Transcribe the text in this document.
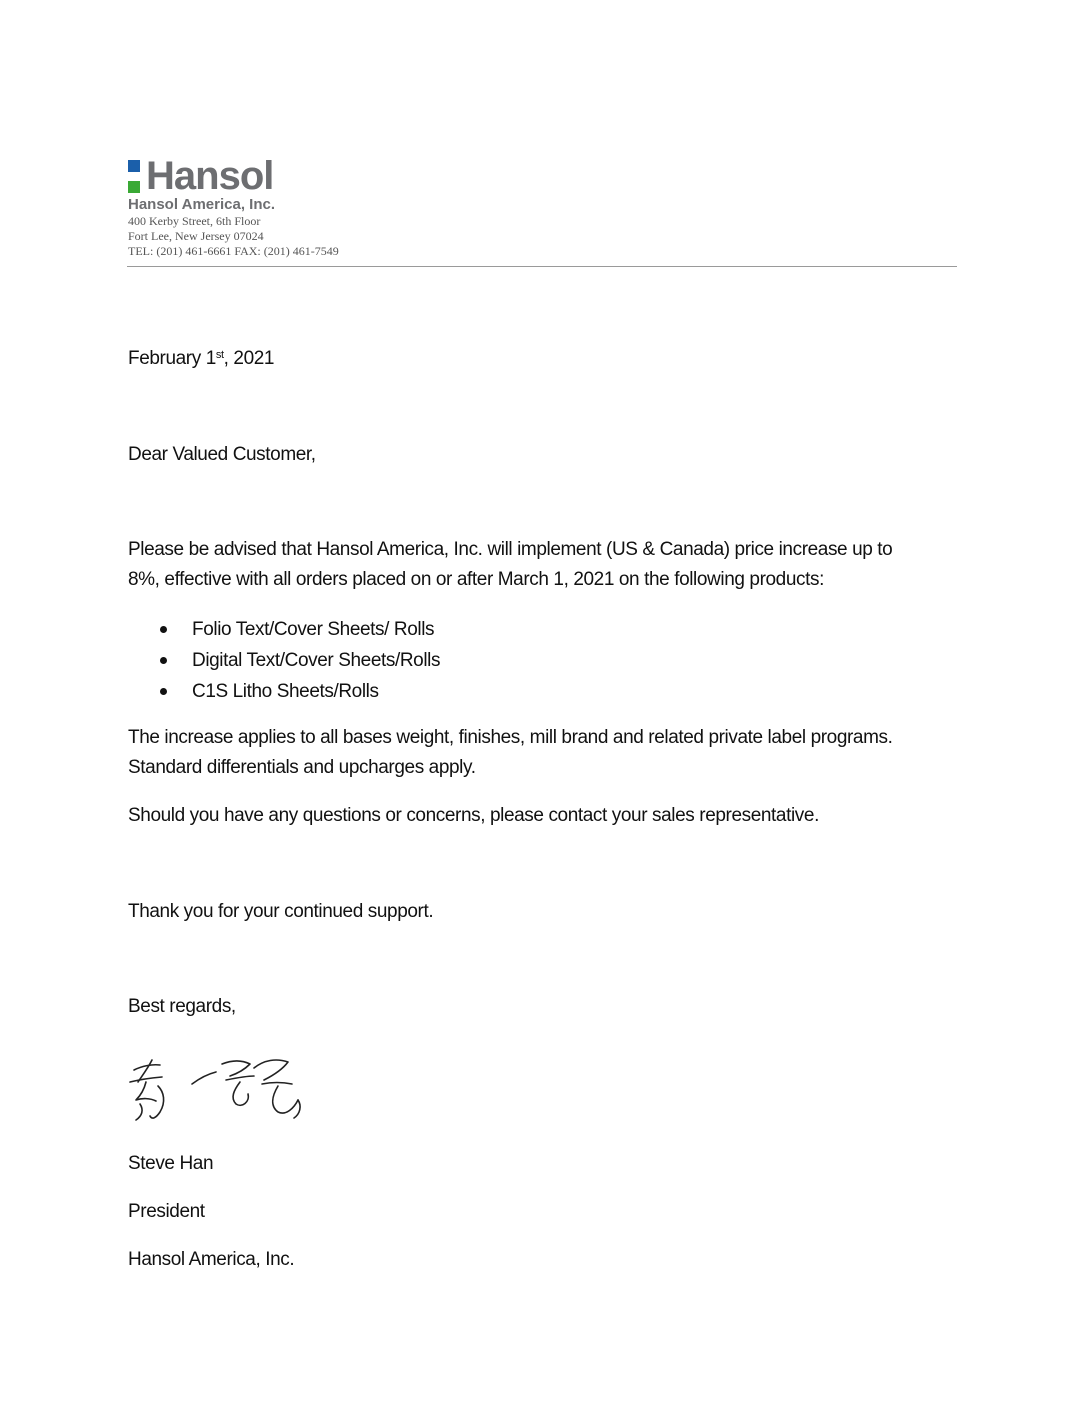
Hansol
Hansol America, Inc.
400 Kerby Street, 6th Floor
Fort Lee, New Jersey 07024
TEL: (201) 461-6661 FAX: (201) 461-7549
February 1st, 2021
Dear Valued Customer,
Please be advised that Hansol America, Inc. will implement (US & Canada) price increase up to
8%, effective with all orders placed on or after March 1, 2021 on the following products:
Folio Text/Cover Sheets/ Rolls
Digital Text/Cover Sheets/Rolls
C1S Litho Sheets/Rolls
The increase applies to all bases weight, finishes, mill brand and related private label programs.
Standard differentials and upcharges apply.
Should you have any questions or concerns, please contact your sales representative.
Thank you for your continued support.
Best regards,
Steve Han
President
Hansol America, Inc.
